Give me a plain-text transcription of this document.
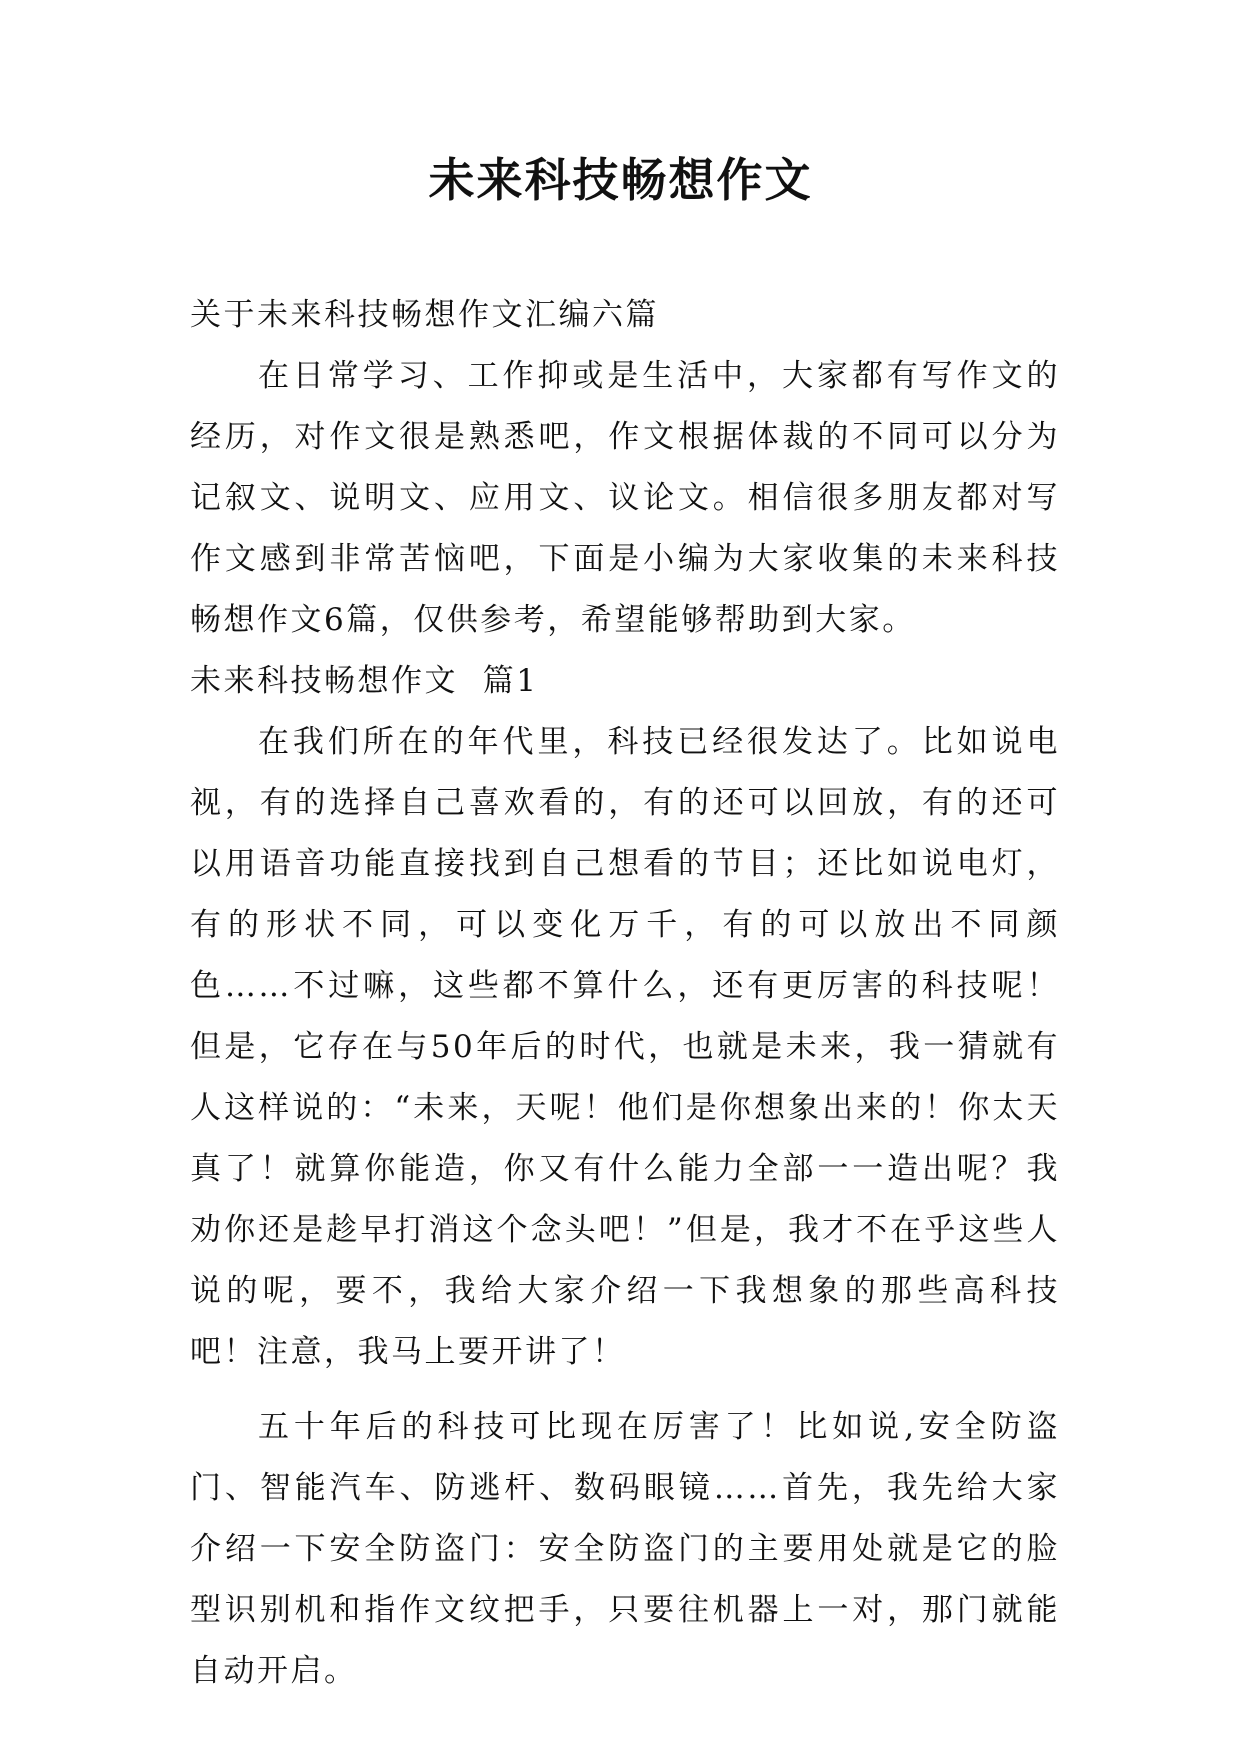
未来科技畅想作文

关于未来科技畅想作文汇编六篇

在日常学习、工作抑或是生活中，大家都有写作文的经历，对作文很是熟悉吧，作文根据体裁的不同可以分为记叙文、说明文、应用文、议论文。相信很多朋友都对写作文感到非常苦恼吧，下面是小编为大家收集的未来科技畅想作文6篇，仅供参考，希望能够帮助到大家。

未来科技畅想作文  篇1

在我们所在的年代里，科技已经很发达了。比如说电视，有的选择自己喜欢看的，有的还可以回放，有的还可以用语音功能直接找到自己想看的节目；还比如说电灯，有的形状不同，可以变化万千，有的可以放出不同颜色……不过嘛，这些都不算什么，还有更厉害的科技呢！但是，它存在与50年后的时代，也就是未来，我一猜就有人这样说的：“未来，天呢！他们是你想象出来的！你太天真了！就算你能造，你又有什么能力全部一一造出呢？我劝你还是趁早打消这个念头吧！”但是，我才不在乎这些人说的呢，要不，我给大家介绍一下我想象的那些高科技吧！注意，我马上要开讲了！

五十年后的科技可比现在厉害了！比如说,安全防盗门、智能汽车、防逃杆、数码眼镜……首先，我先给大家介绍一下安全防盗门：安全防盗门的主要用处就是它的脸型识别机和指作文纹把手，只要往机器上一对，那门就能自动开启。
